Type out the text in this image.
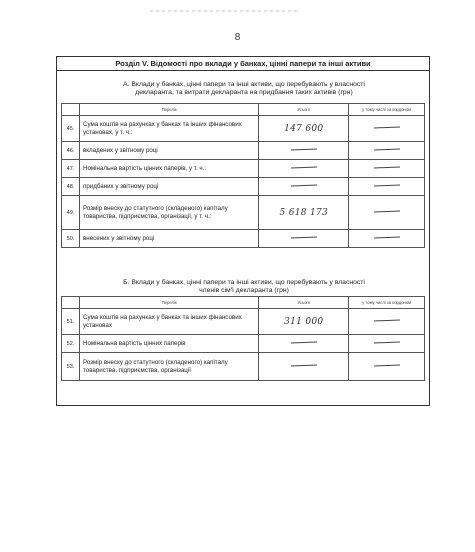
8
Розділ V. Відомості про вклади у банках, цінні папери та інші активи
А. Вклади у банках, цінні папери та інші активи, що перебувають у власності
декларанта, та витрати декларанта на придбання таких активів (грн)
	Перелік	Усього	у тому числі за кордоном
45.	Сума коштів на рахунках у банках та інших фінансових установах, у т. ч.:	147 600	
46.	вкладених у звітному році		
47.	Номінальна вартість цінних паперів, у т. ч.:		
48.	придбаних у звітному році		
49.	Розмір внеску до статутного (складеного) капіталу товариства, підприємства, організації, у т. ч.:	5 618 173	
50.	внесених у звітному році		
Б. Вклади у банках, цінні папери та інші активи, що перебувають у власності
членів сім'ї декларанта (грн)
	Перелік	Усього	у тому числі за кордоном
51.	Сума коштів на рахунках у банках та інших фінансових установах	311 000	
52.	Номінальна вартість цінних паперів		
53.	Розмір внеску до статутного (складеного) капіталу товариства, підприємства, організації		
